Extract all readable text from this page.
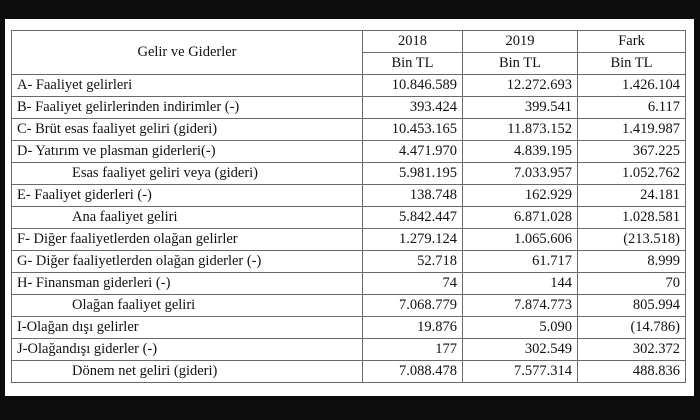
Gelir ve Giderler	2018	2019	Fark
	Bin TL	Bin TL	Bin TL
A- Faaliyet gelirleri	10.846.589	12.272.693	1.426.104
B- Faaliyet gelirlerinden indirimler (-)	393.424	399.541	6.117
C- Brüt esas faaliyet geliri (gideri)	10.453.165	11.873.152	1.419.987
D- Yatırım ve plasman giderleri(-)	4.471.970	4.839.195	367.225
Esas faaliyet geliri veya (gideri)	5.981.195	7.033.957	1.052.762
E- Faaliyet giderleri (-)	138.748	162.929	24.181
Ana faaliyet geliri	5.842.447	6.871.028	1.028.581
F- Diğer faaliyetlerden olağan gelirler	1.279.124	1.065.606	(213.518)
G- Diğer faaliyetlerden olağan giderler (-)	52.718	61.717	8.999
H- Finansman giderleri (-)	74	144	70
Olağan faaliyet geliri	7.068.779	7.874.773	805.994
I-Olağan dışı gelirler	19.876	5.090	(14.786)
J-Olağandışı giderler (-)	177	302.549	302.372
Dönem net geliri (gideri)	7.088.478	7.577.314	488.836
